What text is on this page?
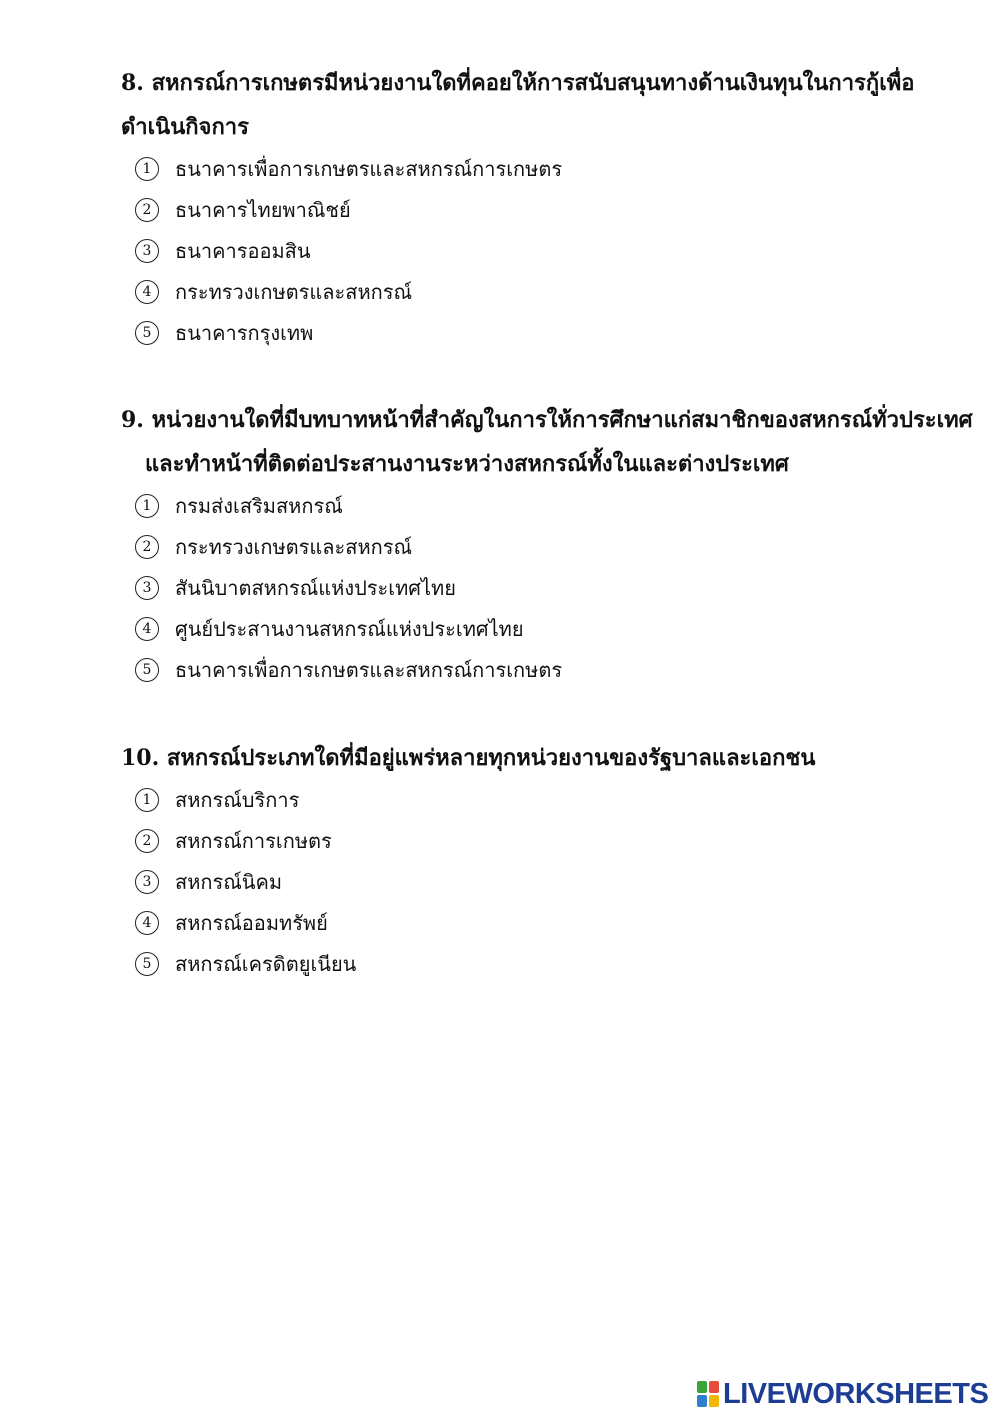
8. สหกรณ์การเกษตรมีหน่วยงานใดที่คอยให้การสนับสนุนทางด้านเงินทุนในการกู้เพื่อ
ดำเนินกิจการ

1	ธนาคารเพื่อการเกษตรและสหกรณ์การเกษตร
2	ธนาคารไทยพาณิชย์
3	ธนาคารออมสิน
4	กระทรวงเกษตรและสหกรณ์
5	ธนาคารกรุงเทพ

9. หน่วยงานใดที่มีบทบาทหน้าที่สำคัญในการให้การศึกษาแก่สมาชิกของสหกรณ์ทั่วประเทศ
และทำหน้าที่ติดต่อประสานงานระหว่างสหกรณ์ทั้งในและต่างประเทศ

1	กรมส่งเสริมสหกรณ์
2	กระทรวงเกษตรและสหกรณ์
3	สันนิบาตสหกรณ์แห่งประเทศไทย
4	ศูนย์ประสานงานสหกรณ์แห่งประเทศไทย
5	ธนาคารเพื่อการเกษตรและสหกรณ์การเกษตร

10. สหกรณ์ประเภทใดที่มีอยู่แพร่หลายทุกหน่วยงานของรัฐบาลและเอกชน

1	สหกรณ์บริการ
2	สหกรณ์การเกษตร
3	สหกรณ์นิคม
4	สหกรณ์ออมทรัพย์
5	สหกรณ์เครดิตยูเนียน
LIVEWORKSHEETS
